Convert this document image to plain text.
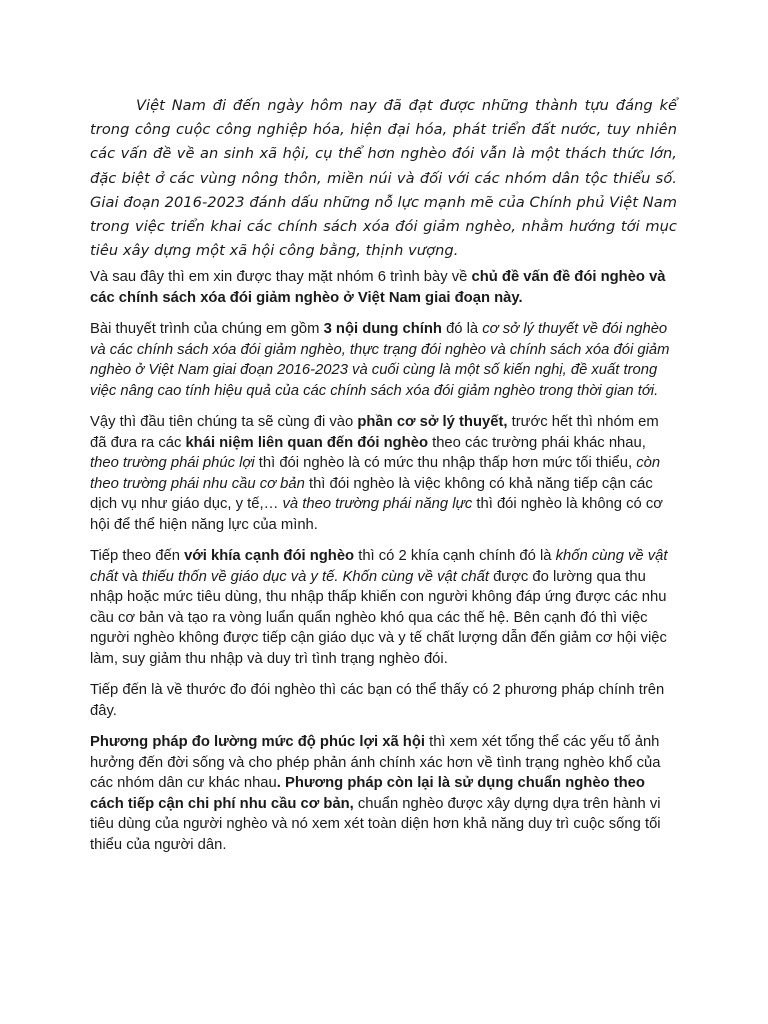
Việt Nam đi đến ngày hôm nay đã đạt được những thành tựu đáng kể trong công cuộc công nghiệp hóa, hiện đại hóa, phát triển đất nước, tuy nhiên các vấn đề về an sinh xã hội, cụ thể hơn nghèo đói vẫn là một thách thức lớn, đặc biệt ở các vùng nông thôn, miền núi và đối với các nhóm dân tộc thiểu số. Giai đoạn 2016-2023 đánh dấu những nỗ lực mạnh mẽ của Chính phủ Việt Nam trong việc triển khai các chính sách xóa đói giảm nghèo, nhằm hướng tới mục tiêu xây dựng một xã hội công bằng, thịnh vượng.

Và sau đây thì em xin được thay mặt nhóm 6 trình bày về chủ đề vấn đề đói nghèo và các chính sách xóa đói giảm nghèo ở Việt Nam giai đoạn này.

Bài thuyết trình của chúng em gồm 3 nội dung chính đó là cơ sở lý thuyết về đói nghèo và các chính sách xóa đói giảm nghèo, thực trạng đói nghèo và chính sách xóa đói giảm nghèo ở Việt Nam giai đoạn 2016-2023 và cuối cùng là một số kiến nghị, đề xuất trong việc nâng cao tính hiệu quả của các chính sách xóa đói giảm nghèo trong thời gian tới.

Vậy thì đầu tiên chúng ta sẽ cùng đi vào phần cơ sở lý thuyết, trước hết thì nhóm em đã đưa ra các khái niệm liên quan đến đói nghèo theo các trường phái khác nhau, theo trường phái phúc lợi thì đói nghèo là có mức thu nhập thấp hơn mức tối thiểu, còn theo trường phái nhu cầu cơ bản thì đói nghèo là việc không có khả năng tiếp cận các dịch vụ như giáo dục, y tế,… và theo trường phái năng lực thì đói nghèo là không có cơ hội để thể hiện năng lực của mình.

Tiếp theo đến với khía cạnh đói nghèo thì có 2 khía cạnh chính đó là khốn cùng về vật chất và thiếu thốn về giáo dục và y tế. Khốn cùng về vật chất được đo lường qua thu nhập hoặc mức tiêu dùng, thu nhập thấp khiến con người không đáp ứng được các nhu cầu cơ bản và tạo ra vòng luẩn quẩn nghèo khó qua các thế hệ. Bên cạnh đó thì việc người nghèo không được tiếp cận giáo dục và y tế chất lượng dẫn đến giảm cơ hội việc làm, suy giảm thu nhập và duy trì tình trạng nghèo đói.

Tiếp đến là về thước đo đói nghèo thì các bạn có thể thấy có 2 phương pháp chính trên đây.

Phương pháp đo lường mức độ phúc lợi xã hội thì xem xét tổng thể các yếu tố ảnh hưởng đến đời sống và cho phép phản ánh chính xác hơn về tình trạng nghèo khổ của các nhóm dân cư khác nhau. Phương pháp còn lại là sử dụng chuẩn nghèo theo cách tiếp cận chi phí nhu cầu cơ bản, chuẩn nghèo được xây dựng dựa trên hành vi tiêu dùng của người nghèo và nó xem xét toàn diện hơn khả năng duy trì cuộc sống tối thiểu của người dân.
